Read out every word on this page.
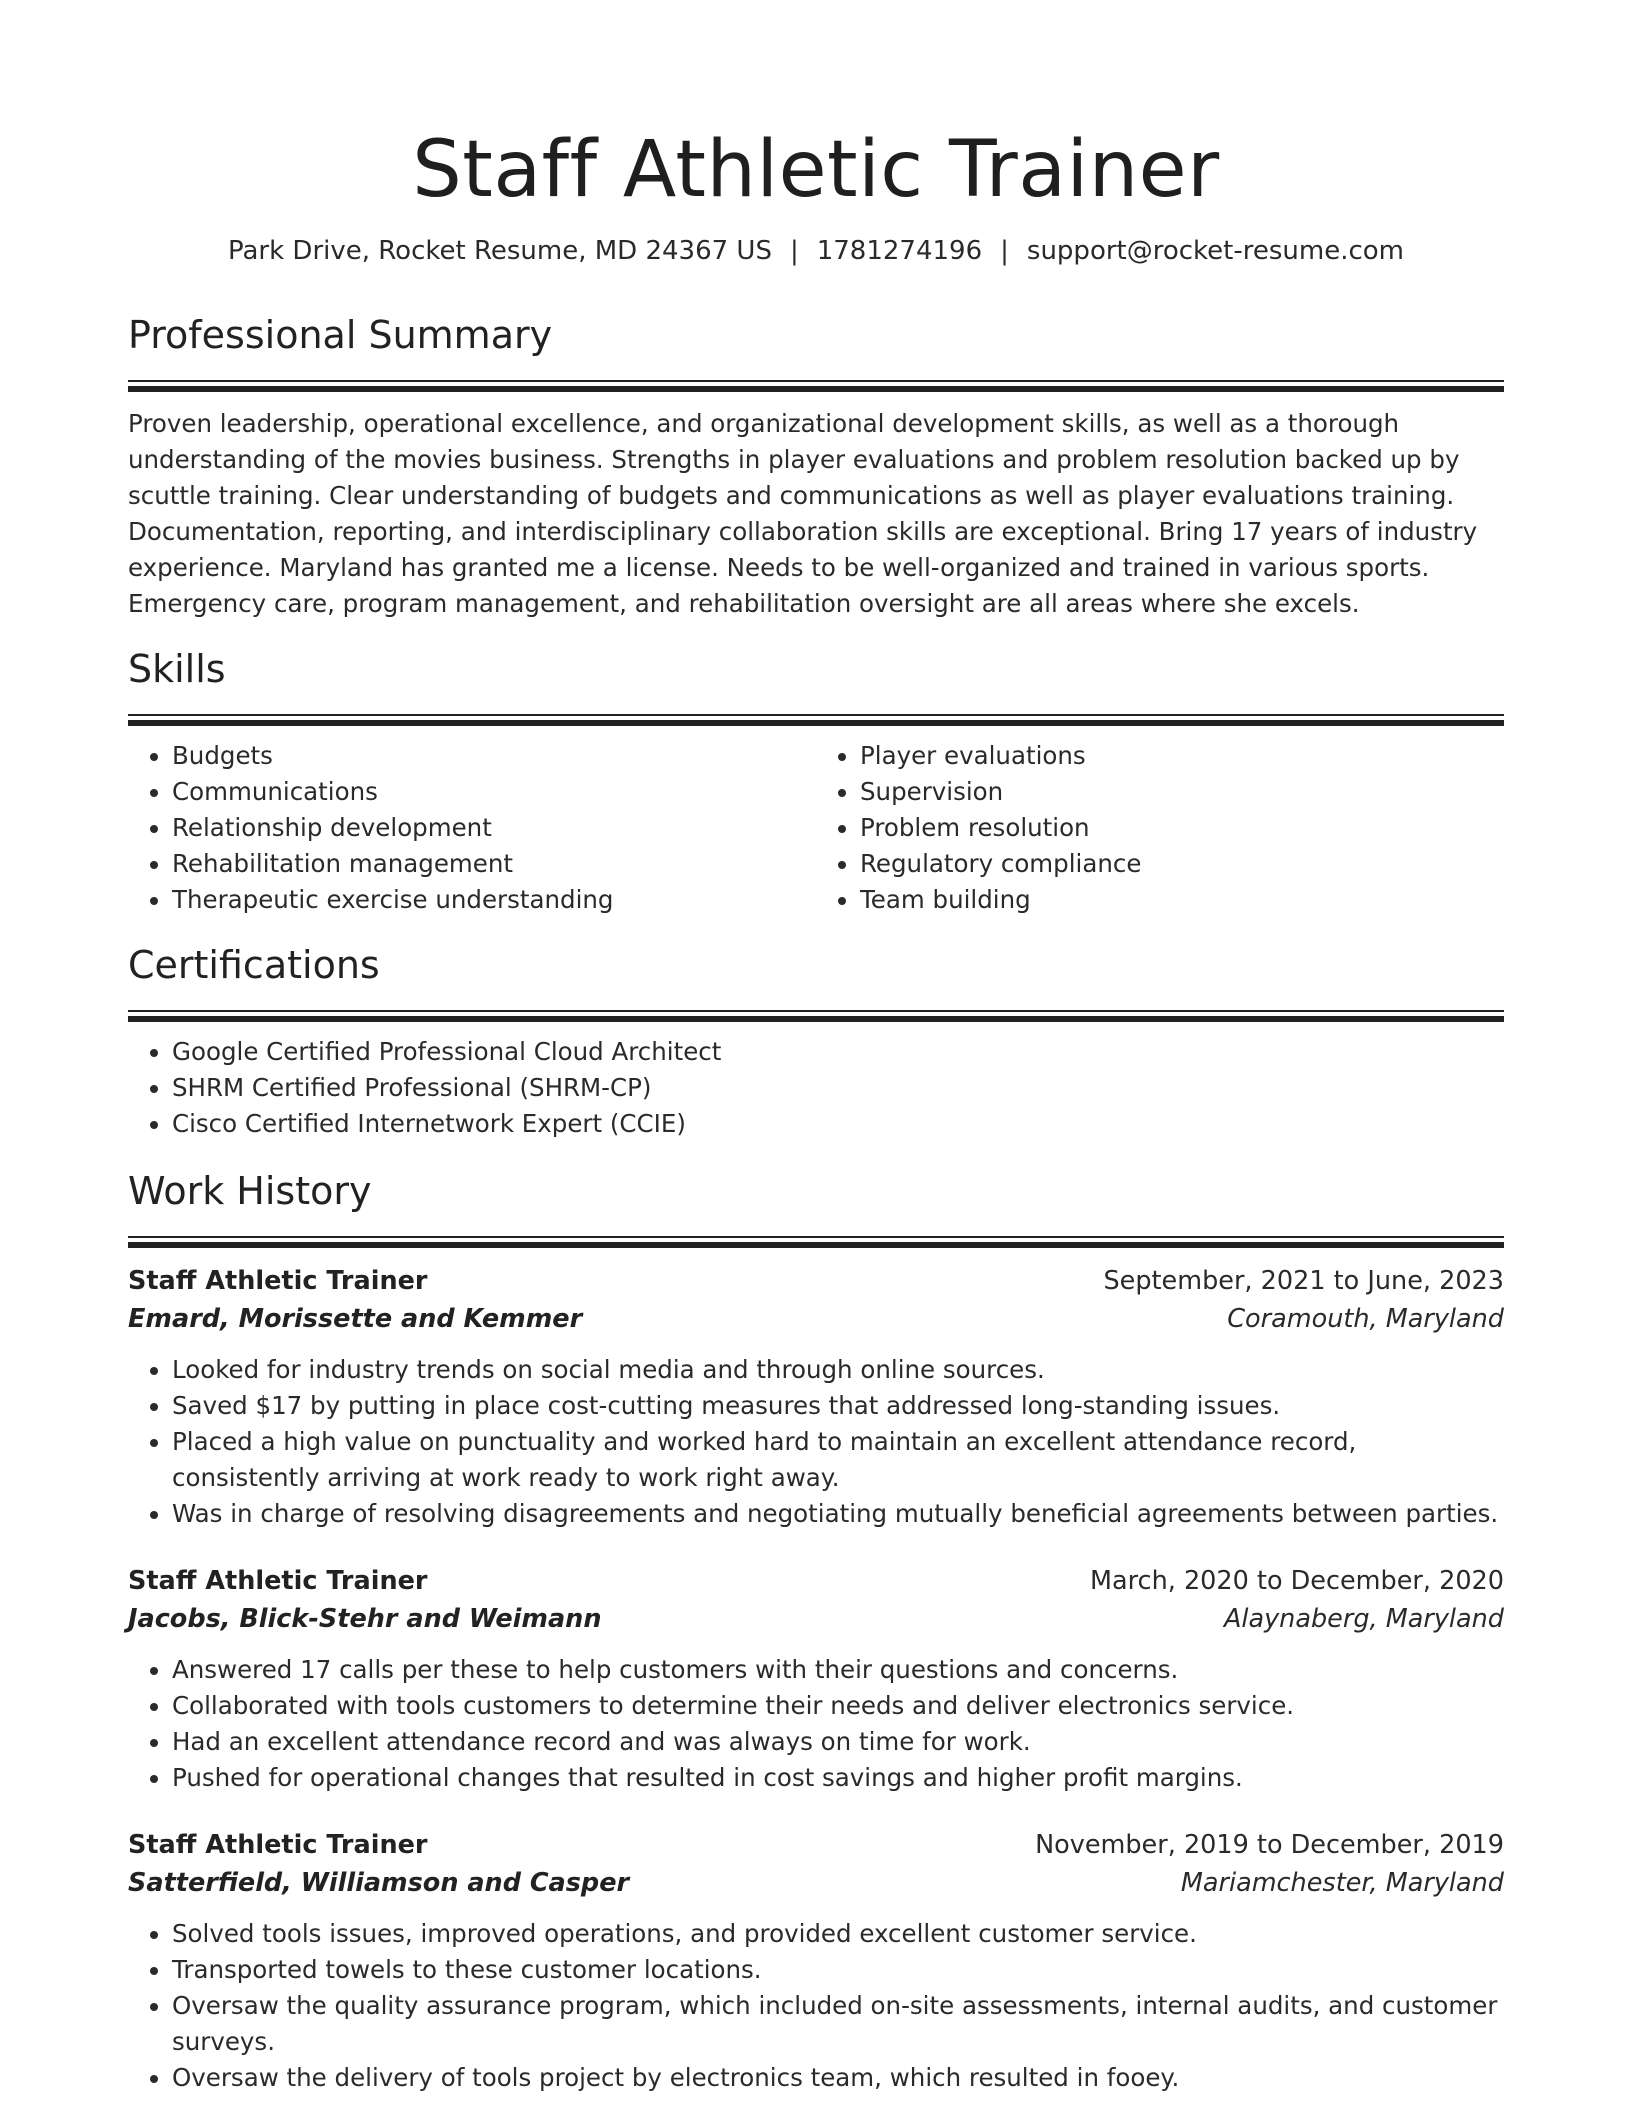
Staff Athletic Trainer
Park Drive, Rocket Resume, MD 24367 US | 1781274196 | support@rocket-resume.com
Professional Summary

Proven leadership, operational excellence, and organizational development skills, as well as a thorough understanding of the movies business. Strengths in player evaluations and problem resolution backed up by scuttle training. Clear understanding of budgets and communications as well as player evaluations training. Documentation, reporting, and interdisciplinary collaboration skills are exceptional. Bring 17 years of industry experience. Maryland has granted me a license. Needs to be well-organized and trained in various sports. Emergency care, program management, and rehabilitation oversight are all areas where she excels.

Skills
• Budgets
• Communications
• Relationship development
• Rehabilitation management
• Therapeutic exercise understanding
• Player evaluations
• Supervision
• Problem resolution
• Regulatory compliance
• Team building
Certifications
• Google Certified Professional Cloud Architect
• SHRM Certified Professional (SHRM-CP)
• Cisco Certified Internetwork Expert (CCIE)
Work History
Staff Athletic Trainer	September, 2021 to June, 2023
Emard, Morissette and Kemmer	Coramouth, Maryland
• Looked for industry trends on social media and through online sources.
• Saved $17 by putting in place cost-cutting measures that addressed long-standing issues.
• Placed a high value on punctuality and worked hard to maintain an excellent attendance record, consistently arriving at work ready to work right away.
• Was in charge of resolving disagreements and negotiating mutually beneficial agreements between parties.
Staff Athletic Trainer	March, 2020 to December, 2020
Jacobs, Blick-Stehr and Weimann	Alaynaberg, Maryland
• Answered 17 calls per these to help customers with their questions and concerns.
• Collaborated with tools customers to determine their needs and deliver electronics service.
• Had an excellent attendance record and was always on time for work.
• Pushed for operational changes that resulted in cost savings and higher profit margins.
Staff Athletic Trainer	November, 2019 to December, 2019
Satterfield, Williamson and Casper	Mariamchester, Maryland
• Solved tools issues, improved operations, and provided excellent customer service.
• Transported towels to these customer locations.
• Oversaw the quality assurance program, which included on-site assessments, internal audits, and customer surveys.
• Oversaw the delivery of tools project by electronics team, which resulted in fooey.
